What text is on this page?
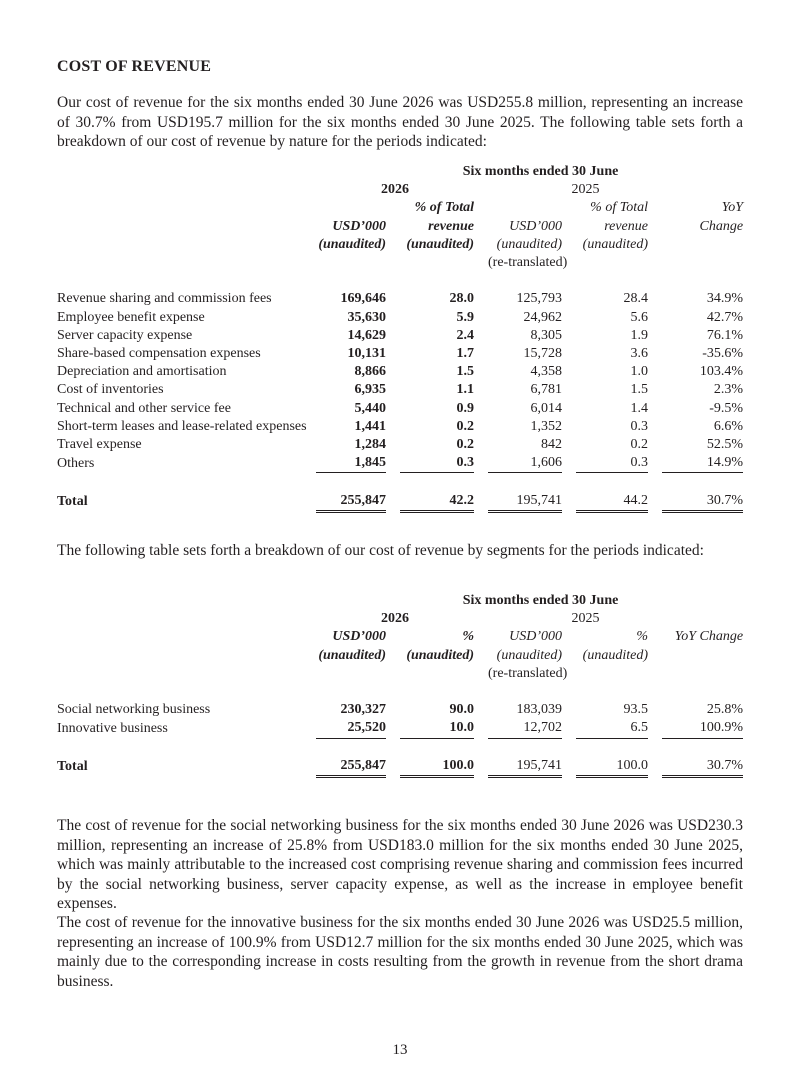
COST OF REVENUE
Our cost of revenue for the six months ended 30 June 2026 was USD255.8 million, representing an increase of 30.7% from USD195.7 million for the six months ended 30 June 2025. The following table sets forth a breakdown of our cost of revenue by nature for the periods indicated:
	Six months ended 30 June				
	2026		2025		
		% of Total		% of Total	YoY
	USD’000	revenue	USD’000	revenue	Change
	(unaudited)	(unaudited)	(unaudited)	(unaudited)	
			(re-translated)		

Revenue sharing and commission fees	169,646	28.0	125,793	28.4	34.9%
Employee benefit expense	35,630	5.9	24,962	5.6	42.7%
Server capacity expense	14,629	2.4	8,305	1.9	76.1%
Share-based compensation expenses	10,131	1.7	15,728	3.6	-35.6%
Depreciation and amortisation	8,866	1.5	4,358	1.0	103.4%
Cost of inventories	6,935	1.1	6,781	1.5	2.3%
Technical and other service fee	5,440	0.9	6,014	1.4	-9.5%
Short-term leases and lease-related expenses	1,441	0.2	1,352	0.3	6.6%
Travel expense	1,284	0.2	842	0.2	52.5%
Others	1,845	0.3	1,606	0.3	14.9%

Total	255,847	42.2	195,741	44.2	30.7%
The following table sets forth a breakdown of our cost of revenue by segments for the periods indicated:
	Six months ended 30 June				
	2026		2025		
	USD’000	%	USD’000	%	YoY Change
	(unaudited)	(unaudited)	(unaudited)	(unaudited)	
			(re-translated)		

Social networking business	230,327	90.0	183,039	93.5	25.8%
Innovative business	25,520	10.0	12,702	6.5	100.9%

Total	255,847	100.0	195,741	100.0	30.7%
The cost of revenue for the social networking business for the six months ended 30 June 2026 was USD230.3 million, representing an increase of 25.8% from USD183.0 million for the six months ended 30 June 2025, which was mainly attributable to the increased cost comprising revenue sharing and commission fees incurred by the social networking business, server capacity expense, as well as the increase in employee benefit expenses.
The cost of revenue for the innovative business for the six months ended 30 June 2026 was USD25.5 million, representing an increase of 100.9% from USD12.7 million for the six months ended 30 June 2025, which was mainly due to the corresponding increase in costs resulting from the growth in revenue from the short drama business.
13
